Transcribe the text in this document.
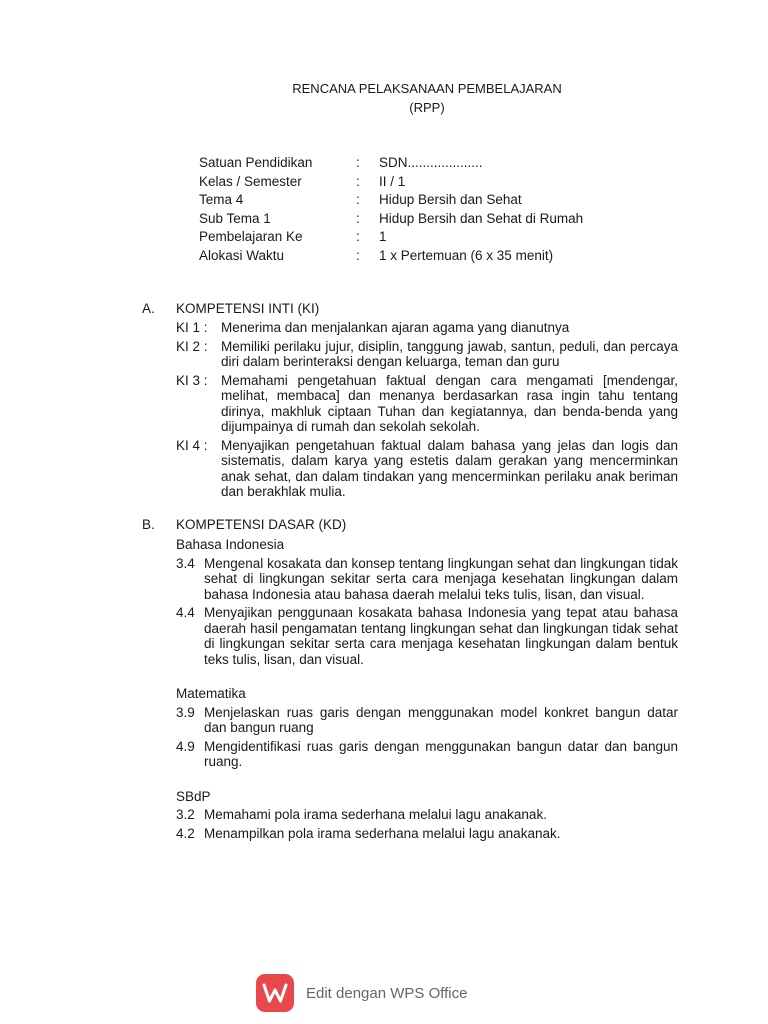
RENCANA PELAKSANAAN PEMBELAJARAN
(RPP)
Satuan Pendidikan	:	SDN....................
Kelas / Semester	:	II / 1
Tema 4	:	Hidup Bersih dan Sehat
Sub Tema 1	:	Hidup Bersih dan Sehat di Rumah
Pembelajaran Ke	:	1
Alokasi Waktu	:	1 x Pertemuan (6 x 35 menit)
A.	KOMPETENSI INTI (KI)
KI 1 : Menerima dan menjalankan ajaran agama yang dianutnya
KI 2 : Memiliki perilaku jujur, disiplin, tanggung jawab, santun, peduli, dan percaya diri dalam berinteraksi dengan keluarga, teman dan guru
KI 3 : Memahami pengetahuan faktual dengan cara mengamati [mendengar, melihat, membaca] dan menanya berdasarkan rasa ingin tahu tentang dirinya, makhluk ciptaan Tuhan dan kegiatannya, dan benda-benda yang dijumpainya di rumah dan sekolah sekolah.
KI 4 : Menyajikan pengetahuan faktual dalam bahasa yang jelas dan logis dan sistematis, dalam karya yang estetis dalam gerakan yang mencerminkan anak sehat, dan dalam tindakan yang mencerminkan perilaku anak beriman dan berakhlak mulia.
B.	KOMPETENSI DASAR (KD)
Bahasa Indonesia
3.4 Mengenal kosakata dan konsep tentang lingkungan sehat dan lingkungan tidak sehat di lingkungan sekitar serta cara menjaga kesehatan lingkungan dalam bahasa Indonesia atau bahasa daerah melalui teks tulis, lisan, dan visual.
4.4 Menyajikan penggunaan kosakata bahasa Indonesia yang tepat atau bahasa daerah hasil pengamatan tentang lingkungan sehat dan lingkungan tidak sehat di lingkungan sekitar serta cara menjaga kesehatan lingkungan dalam bentuk teks tulis, lisan, dan visual.
Matematika
3.9 Menjelaskan ruas garis dengan menggunakan model konkret bangun datar dan bangun ruang
4.9 Mengidentifikasi ruas garis dengan menggunakan bangun datar dan bangun ruang.
SBdP
3.2 Memahami pola irama sederhana melalui lagu anakanak.
4.2 Menampilkan pola irama sederhana melalui lagu anakanak.
Edit dengan WPS Office
